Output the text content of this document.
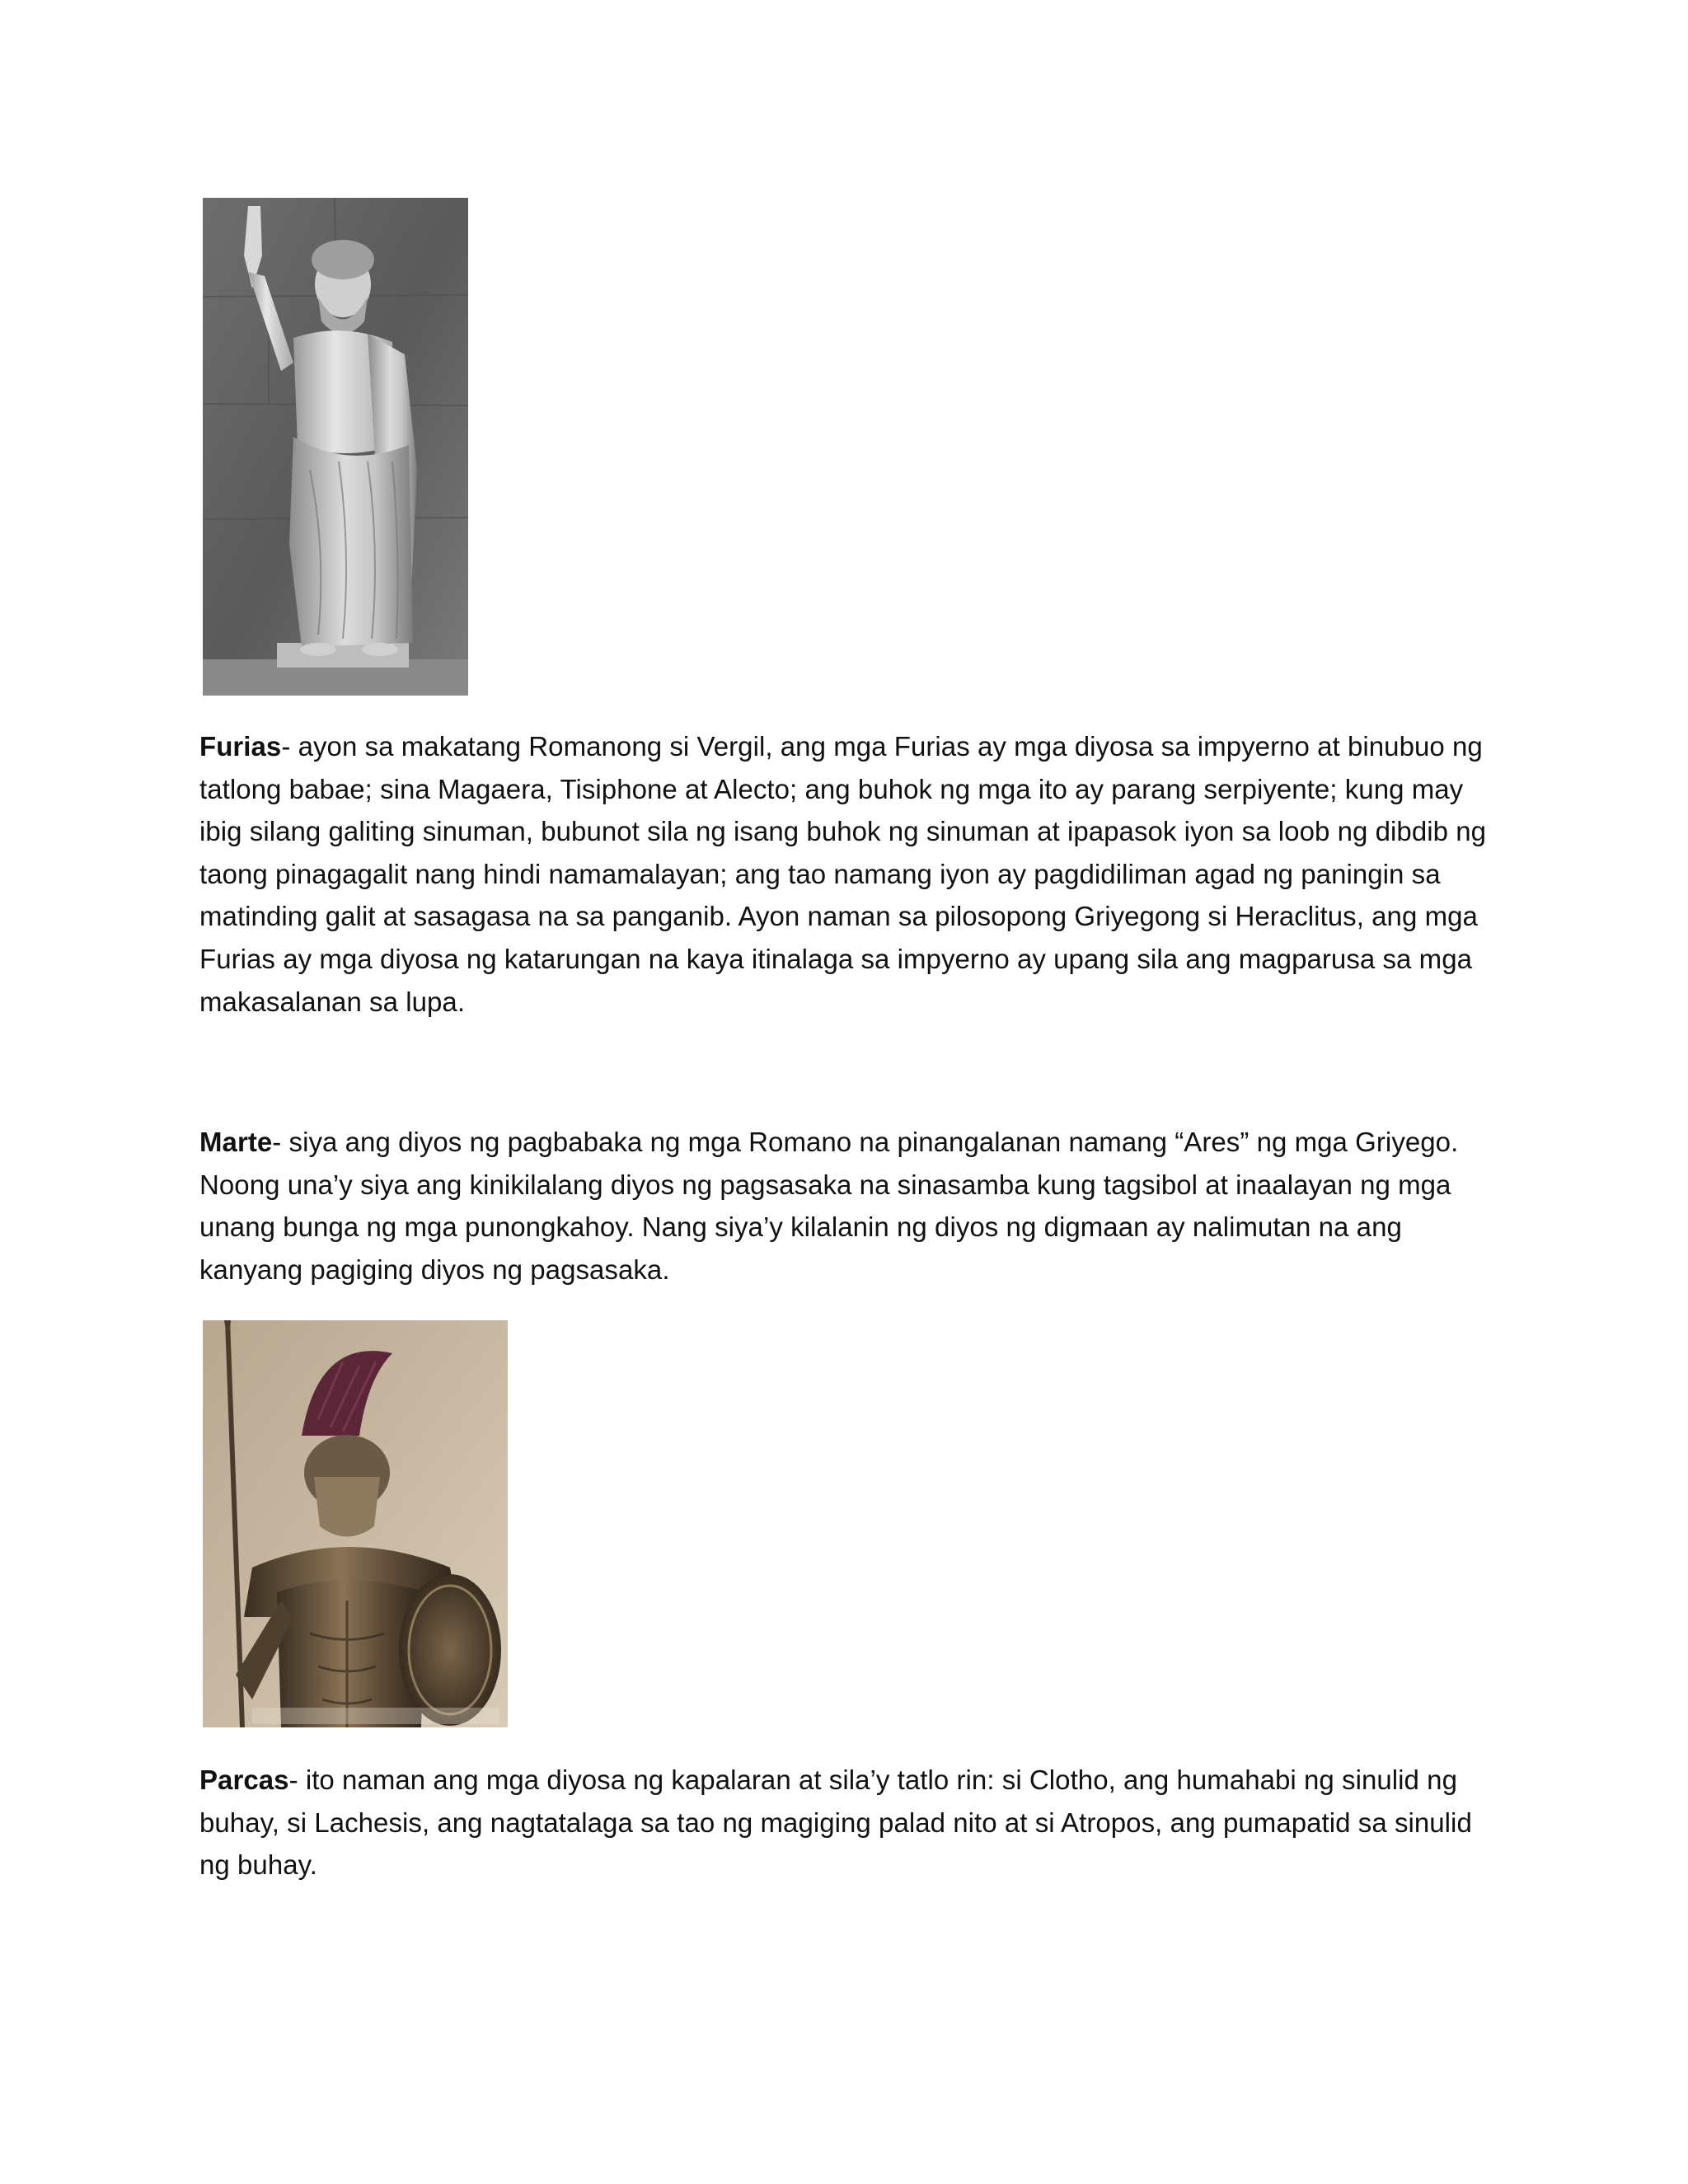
Furias- ayon sa makatang Romanong si Vergil, ang mga Furias ay mga diyosa sa impyerno at binubuo ng tatlong babae; sina Magaera, Tisiphone at Alecto; ang buhok ng mga ito ay parang serpiyente; kung may ibig silang galiting sinuman, bubunot sila ng isang buhok ng sinuman at ipapasok iyon sa loob ng dibdib ng taong pinagagalit nang hindi namamalayan; ang tao namang iyon ay pagdidiliman agad ng paningin sa matinding galit at sasagasa na sa panganib. Ayon naman sa pilosopong Griyegong si Heraclitus, ang mga Furias ay mga diyosa ng katarungan na kaya itinalaga sa impyerno ay upang sila ang magparusa sa mga makasalanan sa lupa.

Marte- siya ang diyos ng pagbabaka ng mga Romano na pinangalanan namang “Ares” ng mga Griyego. Noong una’y siya ang kinikilalang diyos ng pagsasaka na sinasamba kung tagsibol at inaalayan ng mga unang bunga ng mga punongkahoy. Nang siya’y kilalanin ng diyos ng digmaan ay nalimutan na ang kanyang pagiging diyos ng pagsasaka.

Parcas- ito naman ang mga diyosa ng kapalaran at sila’y tatlo rin: si Clotho, ang humahabi ng sinulid ng buhay, si Lachesis, ang nagtatalaga sa tao ng magiging palad nito at si Atropos, ang pumapatid sa sinulid ng buhay.
